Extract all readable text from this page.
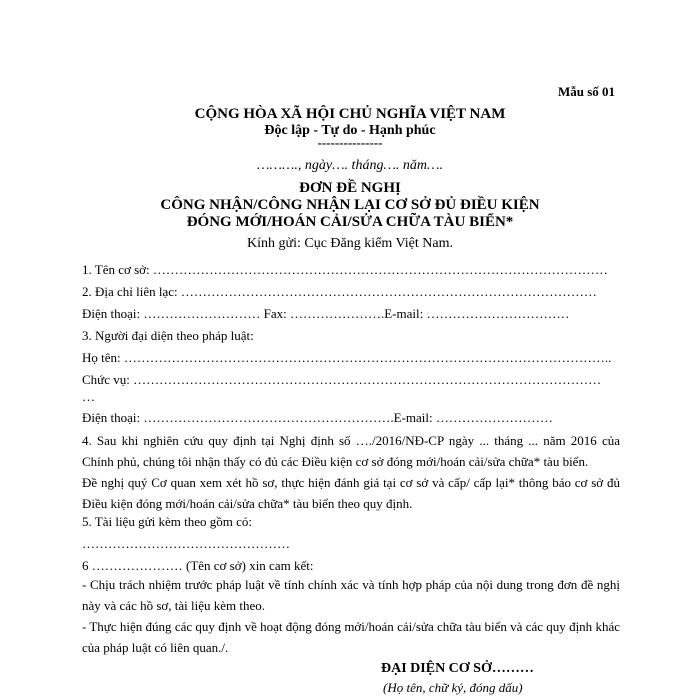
Mẫu số 01
CỘNG HÒA XÃ HỘI CHỦ NGHĨA VIỆT NAM
Độc lập - Tự do - Hạnh phúc
---------------
………., ngày…. tháng…. năm….
ĐƠN ĐỀ NGHỊ
CÔNG NHẬN/CÔNG NHẬN LẠI CƠ SỞ ĐỦ ĐIỀU KIỆN
ĐÓNG MỚI/HOÁN CẢI/SỬA CHỮA TÀU BIỂN*
Kính gửi: Cục Đăng kiểm Việt Nam.
1. Tên cơ sở: ……………………………………………………………………………………………
2. Địa chỉ liên lạc: ……………………………………………………………………………………
Điện thoại: ……………………… Fax: ………………….E-mail: ……………………………
3. Người đại diện theo pháp luật:
Họ tên: …………………………………………………………………………………………………..
Chức vụ: ………………………………………………………………………………………………
…
Điện thoại: ………………………………………………….E-mail: ………………………
4. Sau khi nghiên cứu quy định tại Nghị định số …./2016/NĐ-CP ngày ... tháng ... năm 2016 của Chính phủ, chúng tôi nhận thấy có đủ các Điều kiện cơ sở đóng mới/hoán cải/sửa chữa* tàu biển.
Đề nghị quý Cơ quan xem xét hồ sơ, thực hiện đánh giá tại cơ sở và cấp/ cấp lại* thông báo cơ sở đủ Điều kiện đóng mới/hoán cải/sửa chữa* tàu biển theo quy định.
5. Tài liệu gửi kèm theo gồm có:
…………………………………………
6 ………………… (Tên cơ sở) xin cam kết:
- Chịu trách nhiệm trước pháp luật về tính chính xác và tính hợp pháp của nội dung trong đơn đề nghị này và các hồ sơ, tài liệu kèm theo.
- Thực hiện đúng các quy định về hoạt động đóng mới/hoán cải/sửa chữa tàu biển và các quy định khác của pháp luật có liên quan./.
ĐẠI DIỆN CƠ SỞ………
(Họ tên, chữ ký, đóng dấu)
